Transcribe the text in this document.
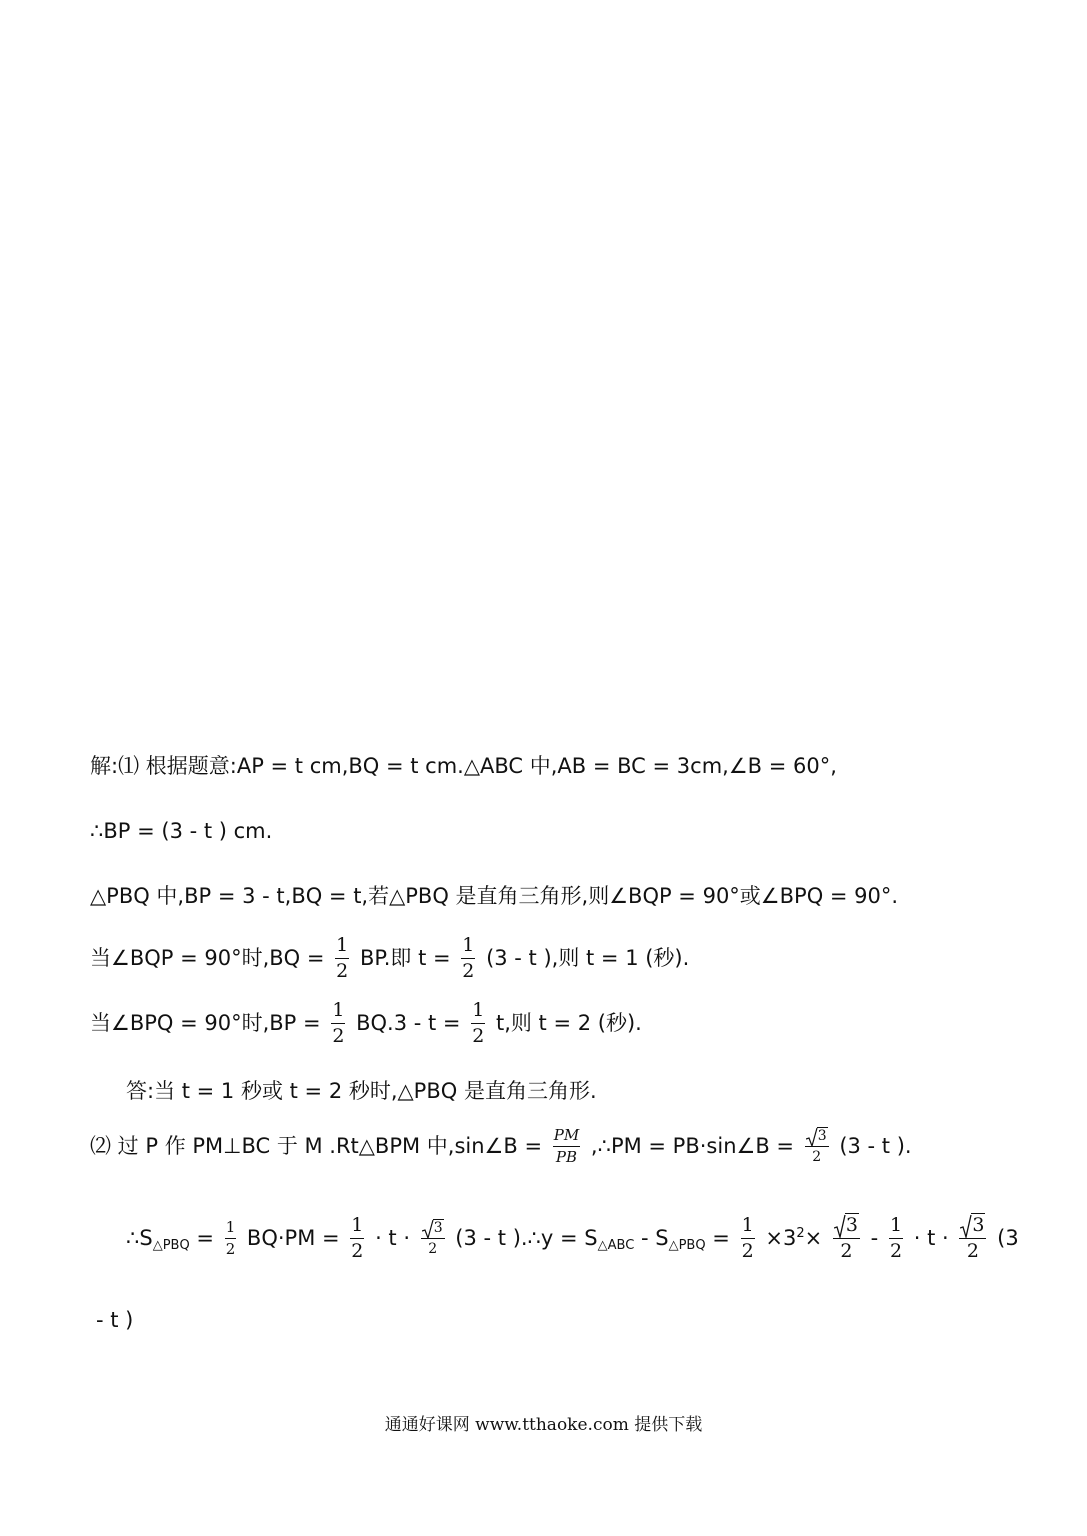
解:⑴ 根据题意:AP = t cm,BQ = t cm.△ABC 中,AB = BC = 3cm,∠B = 60°,
∴BP = (3 - t ) cm.
△PBQ 中,BP = 3 - t,BQ = t,若△PBQ 是直角三角形,则∠BQP = 90°或∠BPQ = 90°.
当∠BQP = 90°时$,BQ = \frac{1}{2}$ BP.即 $t = \frac{1}{2} (3 - t$ ),则 t = 1 (秒).
当∠BPQ = 90°时$,BP = \frac{1}{2} BQ.3 - t = \frac{1}{2} t$,则 t = 2 (秒).
答:当 t = 1 秒或 t = 2 秒时,△PBQ 是直角三角形.
⑵ 过 P 作 PM⊥BC 于 M .Rt△BPM 中,sin∠B = $\frac{PM}{PB}$ ,∴PM = PB·sin∠B = $\frac{3}{2} (3$ - t ).
$\therefore S_{\triangle PBQ} = \frac{1}{2} BQ\cdot PM = \frac{1}{2} \cdot t \cdot \frac{3}{2} (3 - t$ ).∴y = $S_{\triangle ABC} - S_{\triangle PBQ} = \frac{1}{2} \times 3^2\times \frac{3}{2} - \frac{1}{2} \cdot t \cdot \frac{3}{2} (3$
- t )
通通好课网 www.tthaoke.com 提供下载
